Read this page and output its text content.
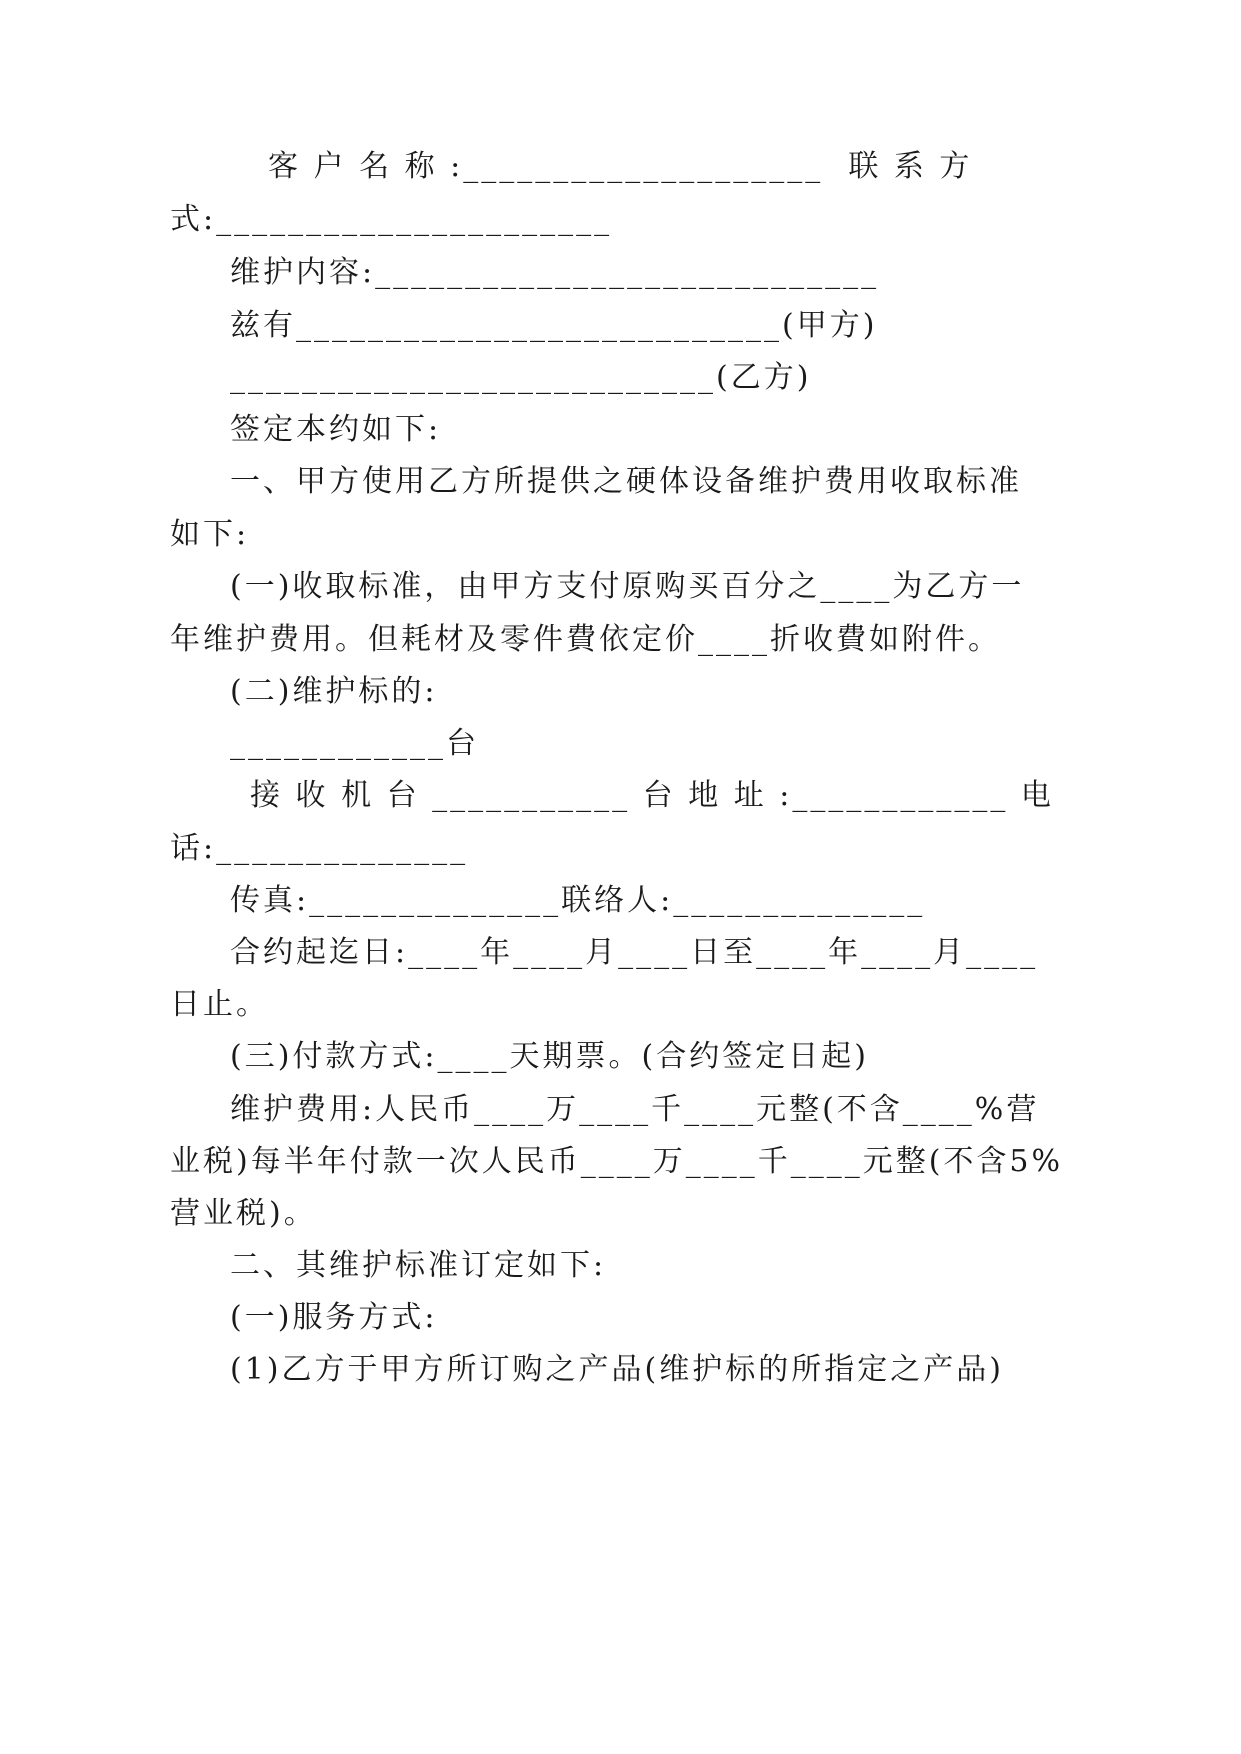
客 户 名 称 :____________________  联 系 方
式:______________________
维护内容:____________________________
兹有___________________________(甲方)
___________________________(乙方)
签定本约如下:
一、甲方使用乙方所提供之硬体设备维护费用收取标准
如下:
(一)收取标准，由甲方支付原购买百分之____为乙方一
年维护费用。但耗材及零件費依定价____折收費如附件。
(二)维护标的:
____________台
接 收 机 台 ___________ 台 地 址 :____________ 电
话:______________
传真:______________联络人:______________
合约起迄日:____年____月____日至____年____月____
日止。
(三)付款方式:____天期票。(合约签定日起)
维护费用:人民币____万____千____元整(不含____%营
业税)每半年付款一次人民币____万____千____元整(不含5%
营业税)。
二、其维护标准订定如下:
(一)服务方式:
(1)乙方于甲方所订购之产品(维护标的所指定之产品)
